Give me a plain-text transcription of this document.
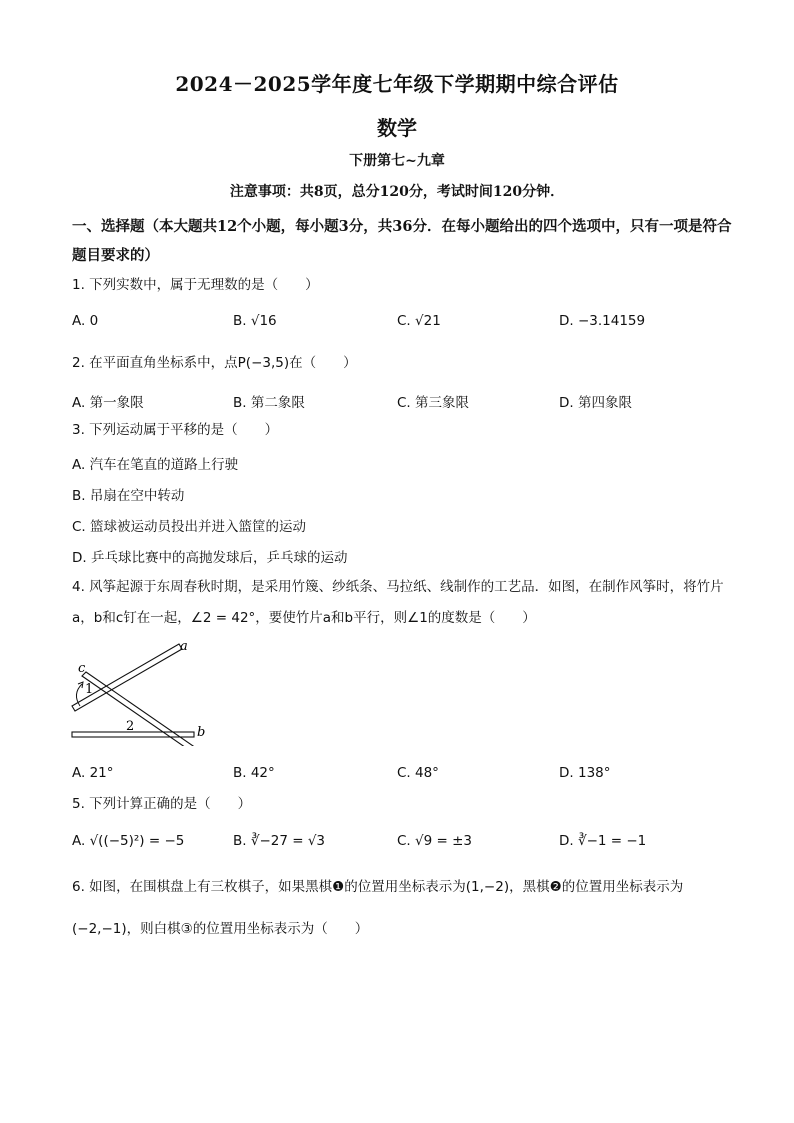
2024－2025学年度七年级下学期期中综合评估
数学
下册第七~九章
注意事项：共8页，总分120分，考试时间120分钟．
一、选择题（本大题共12个小题，每小题3分，共36分．在每小题给出的四个选项中，只有一项是符合题目要求的）
1. 下列实数中，属于无理数的是（　　）
A. 0	B. √16	C. √21	D. −3.14159
2. 在平面直角坐标系中，点P(−3,5)在（　　）
A. 第一象限	B. 第二象限	C. 第三象限	D. 第四象限
3. 下列运动属于平移的是（　　）
A. 汽车在笔直的道路上行驶
B. 吊扇在空中转动
C. 篮球被运动员投出并进入篮筐的运动
D. 乒乓球比赛中的高抛发球后，乒乓球的运动
4. 风筝起源于东周春秋时期，是采用竹篾、纱纸条、马拉纸、线制作的工艺品．如图，在制作风筝时，将竹片a，b和c钉在一起，∠2 = 42°，要使竹片a和b平行，则∠1的度数是（　　）
a
b
c
1
2
A. 21°	B. 42°	C. 48°	D. 138°
5. 下列计算正确的是（　　）
A. √((−5)²) = −5	B. ∛−27 = √3	C. √9 = ±3	D. ∛−1 = −1
6. 如图，在围棋盘上有三枚棋子，如果黑棋❶的位置用坐标表示为(1,−2)，黑棋❷的位置用坐标表示为(−2,−1)，则白棋③的位置用坐标表示为（　　）
